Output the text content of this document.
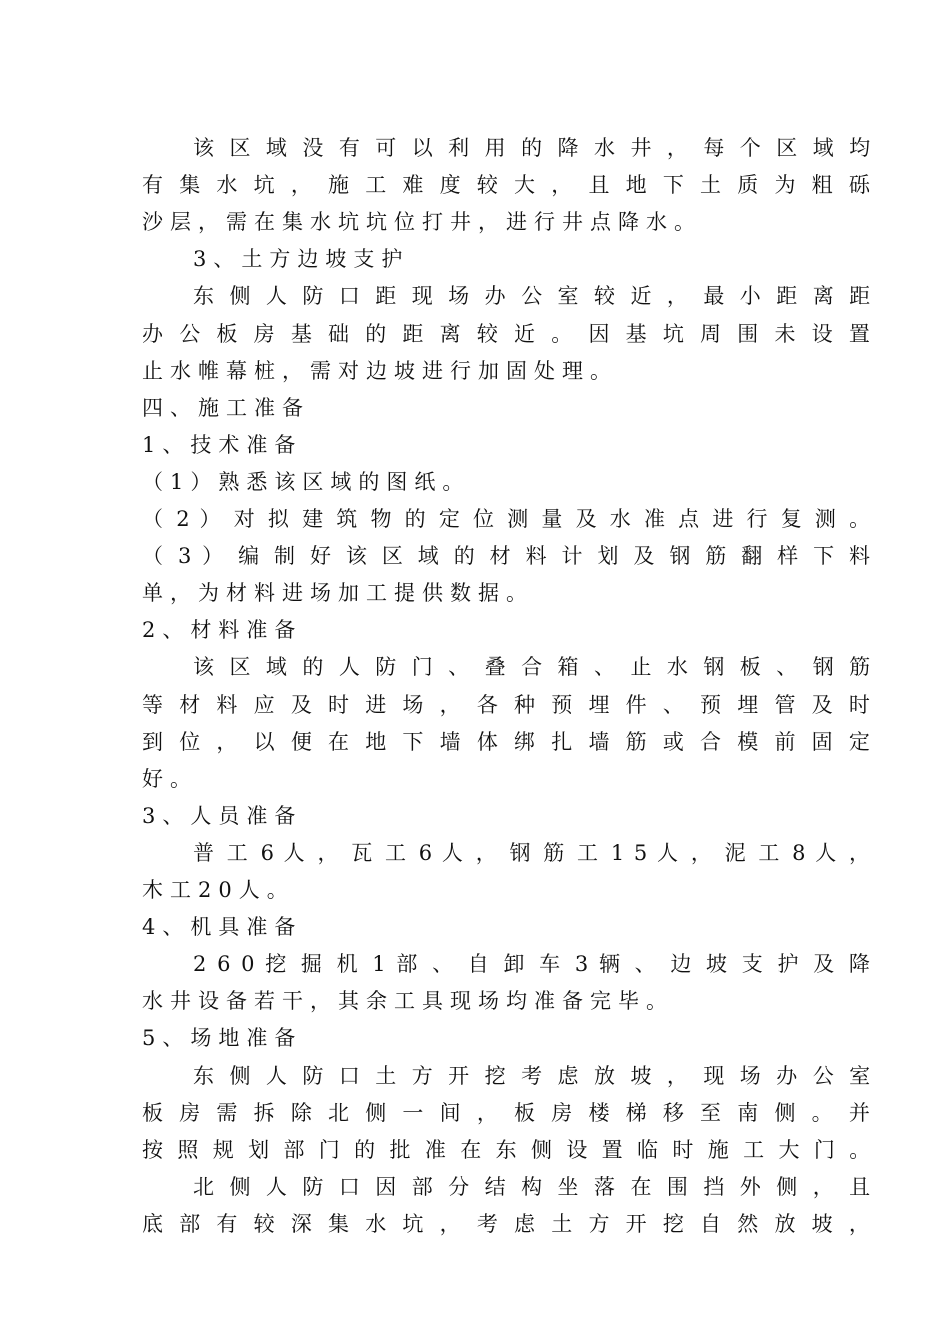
该 区 域 没 有 可 以 利 用 的 降 水 井 ， 每 个 区 域 均
有 集 水 坑 ， 施 工 难 度 较 大 ， 且 地 下 土 质 为 粗 砾
沙层，需在集水坑坑位打井，进行井点降水。
3、土方边坡支护
东 侧 人 防 口 距 现 场 办 公 室 较 近 ， 最 小 距 离 距
办 公 板 房 基 础 的 距 离 较 近 。 因 基 坑 周 围 未 设 置
止水帷幕桩，需对边坡进行加固处理。
四、施工准备
1、技术准备
（1）熟悉该区域的图纸。
（ 2 ） 对 拟 建 筑 物 的 定 位 测 量 及 水 准 点 进 行 复 测 。
（ 3 ） 编 制 好 该 区 域 的 材 料 计 划 及 钢 筋 翻 样 下 料
单，为材料进场加工提供数据。
2、材料准备
该 区 域 的 人 防 门 、 叠 合 箱 、 止 水 钢 板 、 钢 筋
等 材 料 应 及 时 进 场 ， 各 种 预 埋 件 、 预 埋 管 及 时
到 位 ， 以 便 在 地 下 墙 体 绑 扎 墙 筋 或 合 模 前 固 定
好。
3、人员准备
普 工 6 人 ， 瓦 工 6 人 ， 钢 筋 工 1 5 人 ， 泥 工 8 人 ，
木工20人。
4、机具准备
2 6 0 挖 掘 机 1 部 、 自 卸 车 3 辆 、 边 坡 支 护 及 降
水井设备若干，其余工具现场均准备完毕。
5、场地准备
东 侧 人 防 口 土 方 开 挖 考 虑 放 坡 ， 现 场 办 公 室
板 房 需 拆 除 北 侧 一 间 ， 板 房 楼 梯 移 至 南 侧 。 并
按 照 规 划 部 门 的 批 准 在 东 侧 设 置 临 时 施 工 大 门 。
北 侧 人 防 口 因 部 分 结 构 坐 落 在 围 挡 外 侧 ， 且
底 部 有 较 深 集 水 坑 ， 考 虑 土 方 开 挖 自 然 放 坡 ，
